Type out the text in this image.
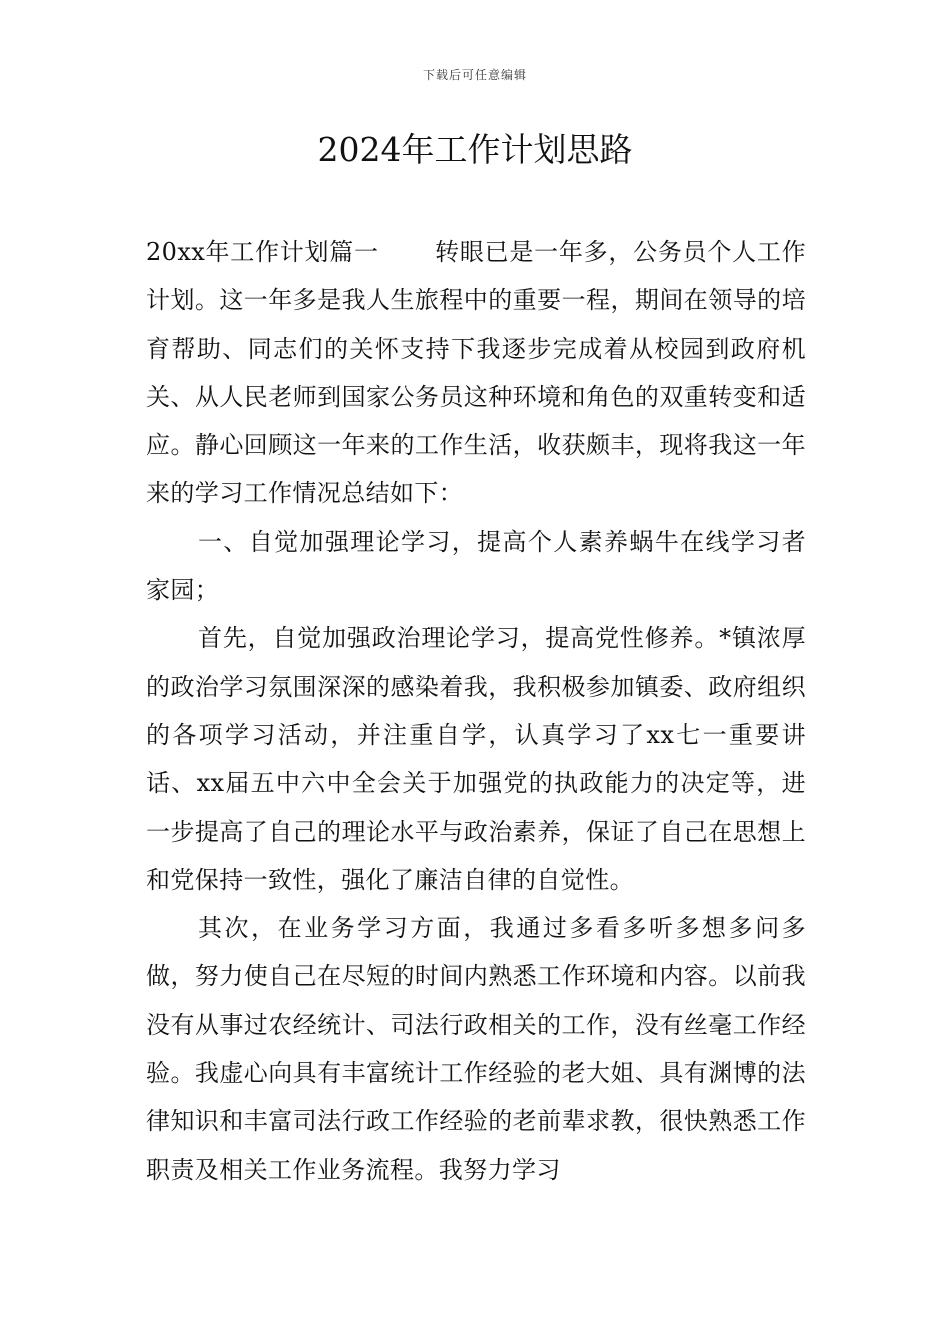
下载后可任意编辑
2024年工作计划思路

20xx年工作计划篇一 转眼已是一年多，公务员个人工作计划。这一年多是我人生旅程中的重要一程，期间在领导的培育帮助、同志们的关怀支持下我逐步完成着从校园到政府机关、从人民老师到国家公务员这种环境和角色的双重转变和适应。静心回顾这一年来的工作生活，收获颇丰，现将我这一年来的学习工作情况总结如下：

一、自觉加强理论学习，提高个人素养蜗牛在线学习者家园；

首先，自觉加强政治理论学习，提高党性修养。*镇浓厚的政治学习氛围深深的感染着我，我积极参加镇委、政府组织的各项学习活动，并注重自学，认真学习了xx七一重要讲话、xx届五中六中全会关于加强党的执政能力的决定等，进一步提高了自己的理论水平与政治素养，保证了自己在思想上和党保持一致性，强化了廉洁自律的自觉性。

其次，在业务学习方面，我通过多看多听多想多问多做，努力使自己在尽短的时间内熟悉工作环境和内容。以前我没有从事过农经统计、司法行政相关的工作，没有丝毫工作经验。我虚心向具有丰富统计工作经验的老大姐、具有渊博的法律知识和丰富司法行政工作经验的老前辈求教，很快熟悉工作职责及相关工作业务流程。我努力学习
